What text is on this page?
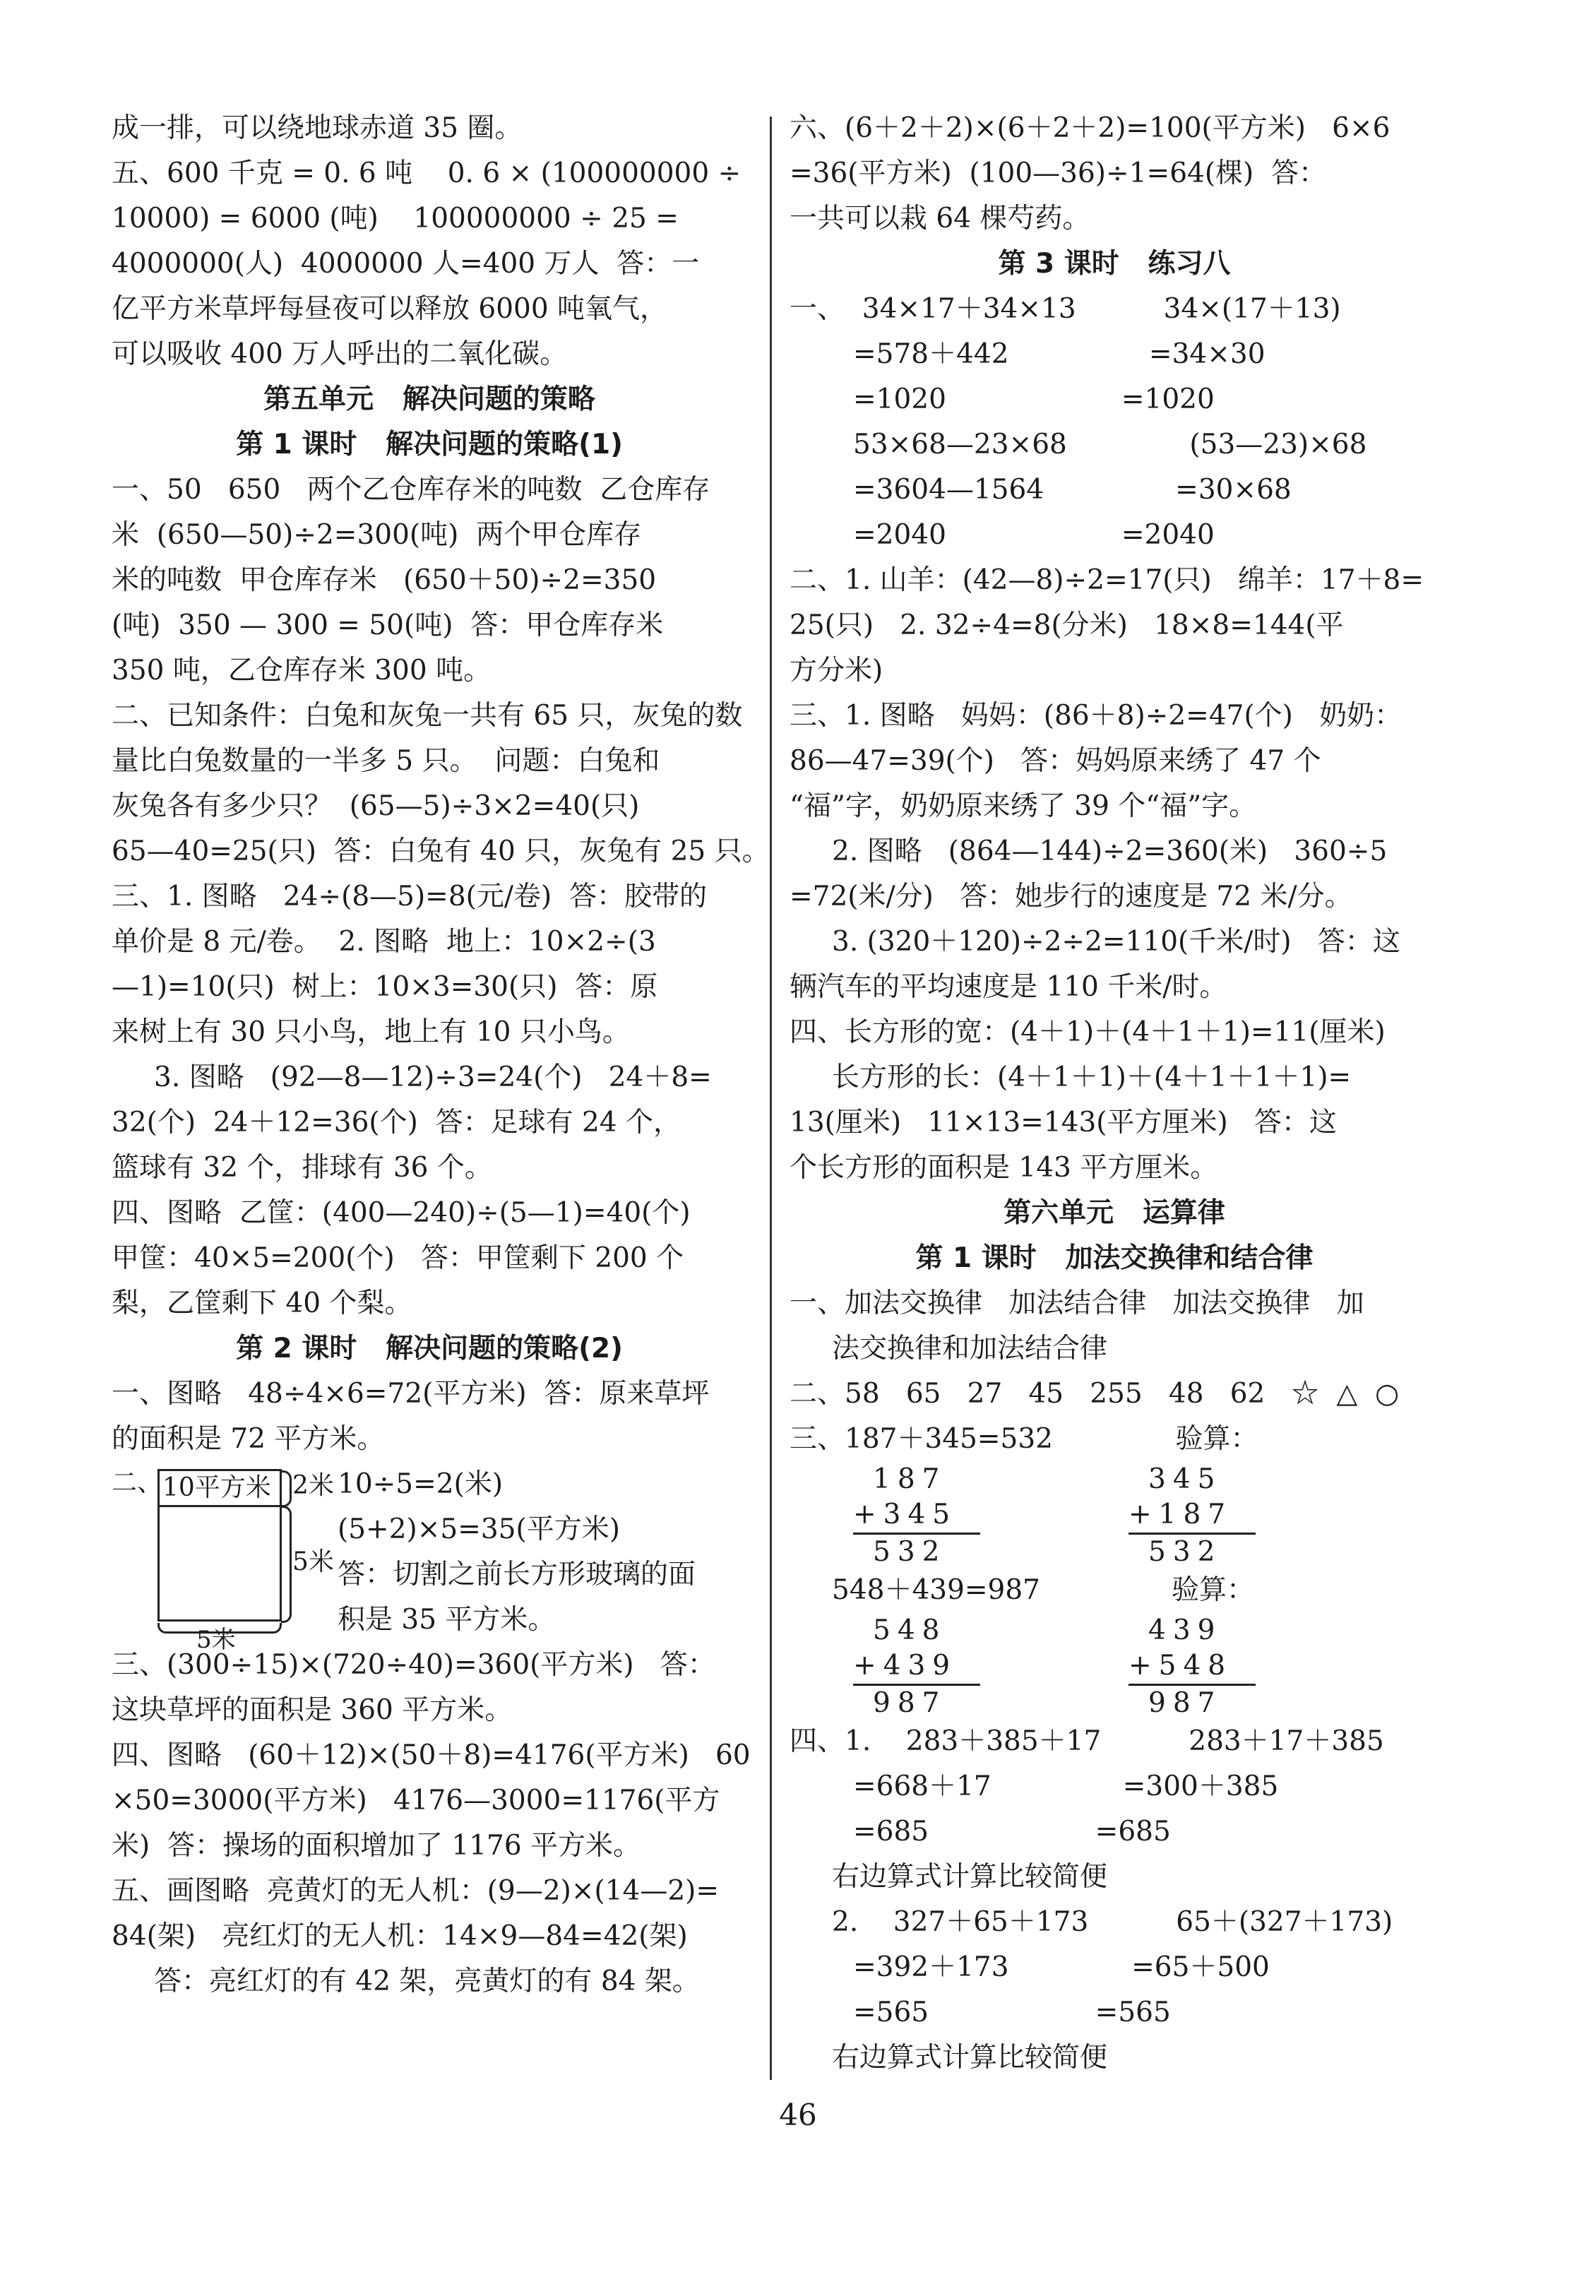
成一排，可以绕地球赤道 35 圈。
五、600 千克 = 0. 6 吨    0. 6 × (100000000 ÷
10000) = 6000 (吨)    100000000 ÷ 25 =
4000000(人)  4000000 人=400 万人  答：一
亿平方米草坪每昼夜可以释放 6000 吨氧气，
可以吸收 400 万人呼出的二氧化碳。
第五单元   解决问题的策略
第 1 课时   解决问题的策略(1)
一、50   650   两个乙仓库存米的吨数  乙仓库存
米  (650—50)÷2=300(吨)  两个甲仓库存
米的吨数  甲仓库存米   (650＋50)÷2=350
(吨)  350 — 300 = 50(吨)  答：甲仓库存米
350 吨，乙仓库存米 300 吨。
二、已知条件：白兔和灰兔一共有 65 只，灰兔的数
量比白兔数量的一半多 5 只。  问题：白兔和
灰兔各有多少只？  (65—5)÷3×2=40(只)
65—40=25(只)  答：白兔有 40 只，灰兔有 25 只。
三、1. 图略   24÷(8—5)=8(元/卷)  答：胶带的
单价是 8 元/卷。  2. 图略  地上：10×2÷(3
—1)=10(只)  树上：10×3=30(只)  答：原
来树上有 30 只小鸟，地上有 10 只小鸟。
3. 图略   (92—8—12)÷3=24(个)   24＋8=
32(个)  24＋12=36(个)  答：足球有 24 个，
篮球有 32 个，排球有 36 个。
四、图略  乙筐：(400—240)÷(5—1)=40(个)
甲筐：40×5=200(个)   答：甲筐剩下 200 个
梨，乙筐剩下 40 个梨。
第 2 课时   解决问题的策略(2)
一、图略   48÷4×6=72(平方米)  答：原来草坪
的面积是 72 平方米。
二、 10平方米 2米
5米
5米
10÷5=2(米)
(5+2)×5=35(平方米)
答：切割之前长方形玻璃的面
积是 35 平方米。
三、(300÷15)×(720÷40)=360(平方米)   答：
这块草坪的面积是 360 平方米。
四、图略   (60＋12)×(50＋8)=4176(平方米)   60
×50=3000(平方米)   4176—3000=1176(平方
米)  答：操场的面积增加了 1176 平方米。
五、画图略  亮黄灯的无人机：(9—2)×(14—2)=
84(架)   亮红灯的无人机：14×9—84=42(架)
答：亮红灯的有 42 架，亮黄灯的有 84 架。
六、(6＋2＋2)×(6＋2＋2)=100(平方米)   6×6
=36(平方米)  (100—36)÷1=64(棵)  答：
一共可以栽 64 棵芍药。
第 3 课时   练习八
一、  34×17＋34×13          34×(17＋13)
=578＋442                =34×30
=1020                    =1020
53×68—23×68              (53—23)×68
=3604—1564               =30×68
=2040                    =2040
二、1. 山羊：(42—8)÷2=17(只)   绵羊：17＋8=
25(只)   2. 32÷4=8(分米)   18×8=144(平
方分米)
三、1. 图略   妈妈：(86＋8)÷2=47(个)   奶奶：
86—47=39(个)   答：妈妈原来绣了 47 个
“福”字，奶奶原来绣了 39 个“福”字。
2. 图略   (864—144)÷2=360(米)   360÷5
=72(米/分)   答：她步行的速度是 72 米/分。
3. (320＋120)÷2÷2=110(千米/时)   答：这
辆汽车的平均速度是 110 千米/时。
四、长方形的宽：(4＋1)＋(4＋1＋1)=11(厘米)
长方形的长：(4＋1＋1)＋(4＋1＋1＋1)=
13(厘米)   11×13=143(平方厘米)   答：这
个长方形的面积是 143 平方厘米。
第六单元   运算律
第 1 课时   加法交换律和结合律
一、加法交换律   加法结合律   加法交换律   加
法交换律和加法结合律
二、58   65   27   45   255   48   62   ☆  △  ○
三、187＋345=532              验算：
187
+345
532
345
+187
532
548＋439=987               验算：
548
+439
987
439
+548
987
四、1.    283＋385＋17          283＋17＋385
=668＋17               =300＋385
=685                   =685
右边算式计算比较简便
2.    327＋65＋173          65＋(327＋173)
=392＋173              =65＋500
=565                   =565
右边算式计算比较简便
46
